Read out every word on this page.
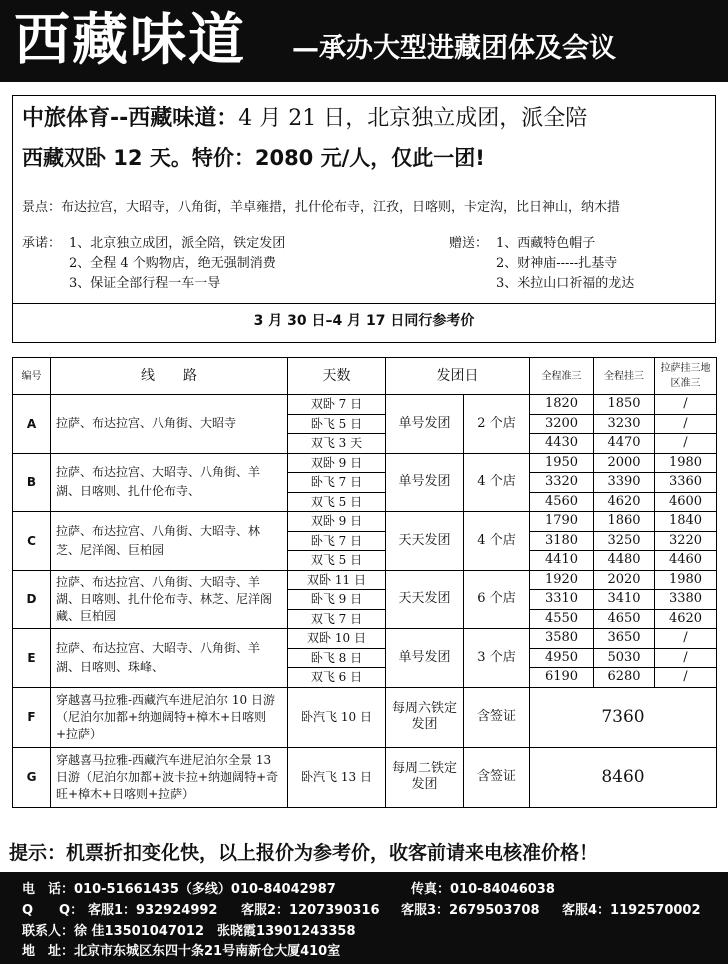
西藏味道 —承办大型进藏团体及会议
中旅体育--西藏味道：4 月 21 日，北京独立成团，派全陪
西藏双卧 12 天。特价：2080 元/人，仅此一团!
景点：布达拉宫，大昭寺，八角街，羊卓雍措，扎什伦布寺，江孜，日喀则，卡定沟，比日神山，纳木措
承诺： 1、北京独立成团，派全陪，铁定发团
2、全程 4 个购物店，绝无强制消费
3、保证全部行程一车一导
赠送： 1、西藏特色帽子
2、财神庙-----扎基寺
3、米拉山口祈福的龙达
3 月 30 日–4 月 17 日同行参考价
编号	线　　路	天数	发团日		全程准三	全程挂三	拉萨挂三地区准三
A	拉萨、布达拉宫、八角街、大昭寺	双卧 7 日	单号发团	2 个店	1820	1850	/
		卧飞 5 日			3200	3230	/
		双飞 3 天			4430	4470	/
B	拉萨、布达拉宫、大昭寺、八角街、羊湖、日喀则、扎什伦布寺、	双卧 9 日	单号发团	4 个店	1950	2000	1980
		卧飞 7 日			3320	3390	3360
		双飞 5 日			4560	4620	4600
C	拉萨、布达拉宫、八角街、大昭寺、林芝、尼洋阁、巨柏园	双卧 9 日	天天发团	4 个店	1790	1860	1840
		卧飞 7 日			3180	3250	3220
		双飞 5 日			4410	4480	4460
D	拉萨、布达拉宫、八角街、大昭寺、羊湖、日喀则、扎什伦布寺、林芝、尼洋阁藏、巨柏园	双卧 11 日	天天发团	6 个店	1920	2020	1980
		卧飞 9 日			3310	3410	3380
		双飞 7 日			4550	4650	4620
E	拉萨、布达拉宫、大昭寺、八角街、羊湖、日喀则、珠峰、	双卧 10 日	单号发团	3 个店	3580	3650	/
		卧飞 8 日			4950	5030	/
		双飞 6 日			6190	6280	/
F	穿越喜马拉雅-西藏汽车进尼泊尔 10 日游（尼泊尔加都+纳迦阔特+樟木+日喀则+拉萨）	卧汽飞 10 日	每周六铁定发团	含签证	7360		
G	穿越喜马拉雅-西藏汽车进尼泊尔全景 13 日游（尼泊尔加都+波卡拉+纳迦阔特+奇旺+樟木+日喀则+拉萨）	卧汽飞 13 日	每周二铁定发团	含签证	8460		
提示：机票折扣变化快，以上报价为参考价，收客前请来电核准价格！
电　话：010-51661435（多线）010-84042987	传真：010-84046038
Q　　Q： 客服1：932924992 客服2：1207390316 客服3：2679503708 客服4：1192570002
联系人：徐 佳13501047012　张晓霞13901243358
地　址：北京市东城区东四十条21号南新仓大厦410室
